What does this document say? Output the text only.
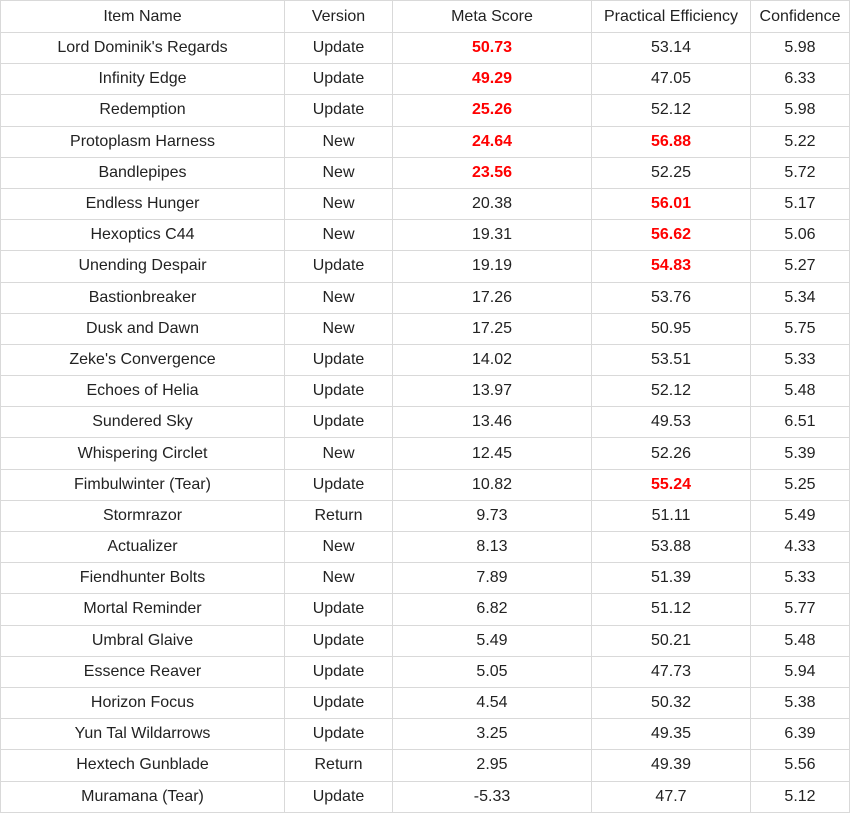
Item Name	Version	Meta Score	Practical Efficiency	Confidence
Lord Dominik's Regards	Update	50.73	53.14	5.98
Infinity Edge	Update	49.29	47.05	6.33
Redemption	Update	25.26	52.12	5.98
Protoplasm Harness	New	24.64	56.88	5.22
Bandlepipes	New	23.56	52.25	5.72
Endless Hunger	New	20.38	56.01	5.17
Hexoptics C44	New	19.31	56.62	5.06
Unending Despair	Update	19.19	54.83	5.27
Bastionbreaker	New	17.26	53.76	5.34
Dusk and Dawn	New	17.25	50.95	5.75
Zeke's Convergence	Update	14.02	53.51	5.33
Echoes of Helia	Update	13.97	52.12	5.48
Sundered Sky	Update	13.46	49.53	6.51
Whispering Circlet	New	12.45	52.26	5.39
Fimbulwinter (Tear)	Update	10.82	55.24	5.25
Stormrazor	Return	9.73	51.11	5.49
Actualizer	New	8.13	53.88	4.33
Fiendhunter Bolts	New	7.89	51.39	5.33
Mortal Reminder	Update	6.82	51.12	5.77
Umbral Glaive	Update	5.49	50.21	5.48
Essence Reaver	Update	5.05	47.73	5.94
Horizon Focus	Update	4.54	50.32	5.38
Yun Tal Wildarrows	Update	3.25	49.35	6.39
Hextech Gunblade	Return	2.95	49.39	5.56
Muramana (Tear)	Update	-5.33	47.7	5.12
